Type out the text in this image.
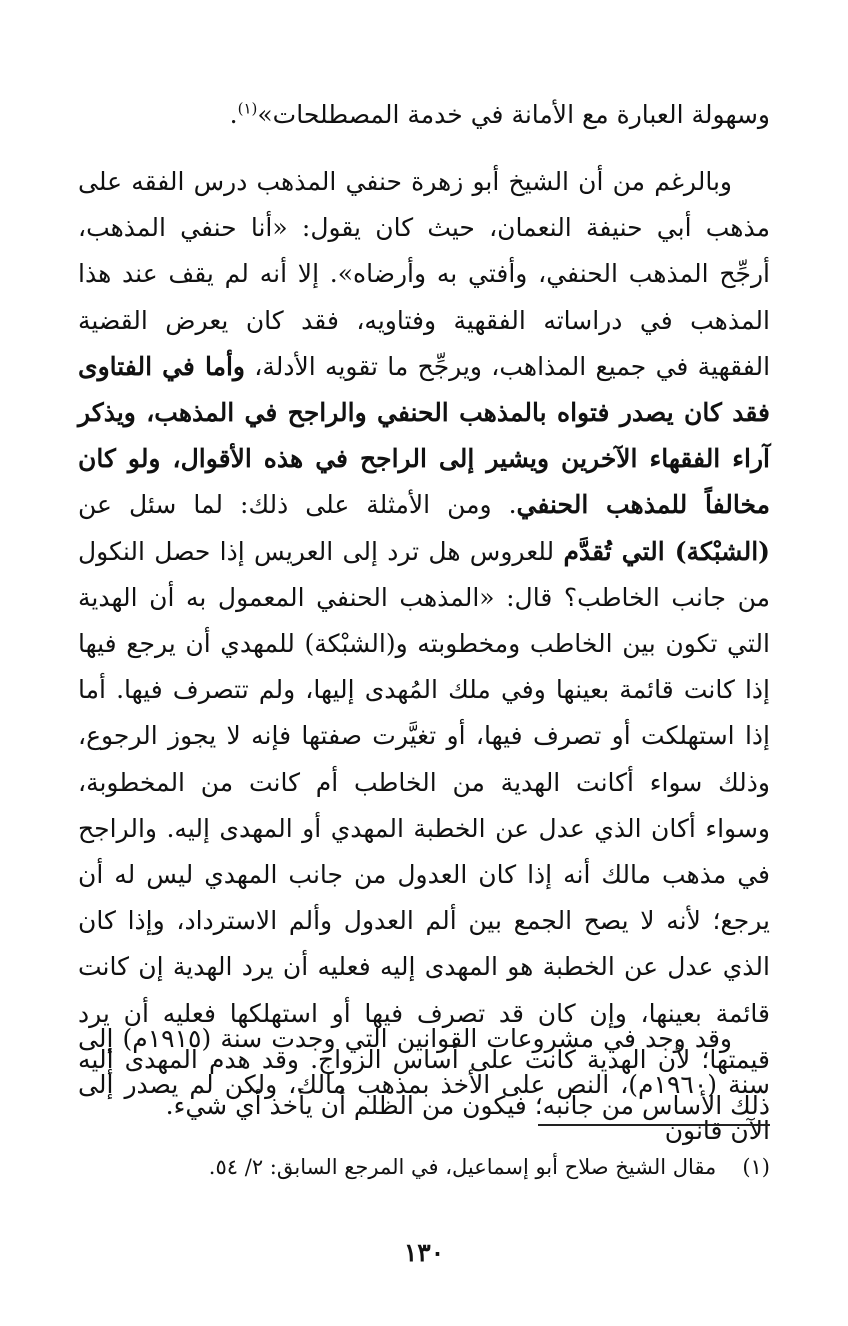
وسهولة العبارة مع الأمانة في خدمة المصطلحات»$^{(١)}$.

وبالرغم من أن الشيخ أبو زهرة حنفي المذهب درس الفقه على مذهب أبي حنيفة النعمان، حيث كان يقول: «أنا حنفي المذهب، أرجِّح المذهب الحنفي، وأفتي به وأرضاه». إلا أنه لم يقف عند هذا المذهب في دراساته الفقهية وفتاويه، فقد كان يعرض القضية الفقهية في جميع المذاهب، ويرجِّح ما تقويه الأدلة، وأما في الفتاوى فقد كان يصدر فتواه بالمذهب الحنفي والراجح في المذهب، ويذكر آراء الفقهاء الآخرين ويشير إلى الراجح في هذه الأقوال، ولو كان مخالفاً للمذهب الحنفي. ومن الأمثلة على ذلك: لما سئل عن (الشبْكة) التي تُقدَّم للعروس هل ترد إلى العريس إذا حصل النكول من جانب الخاطب؟ قال: «المذهب الحنفي المعمول به أن الهدية التي تكون بين الخاطب ومخطوبته و(الشبْكة) للمهدي أن يرجع فيها إذا كانت قائمة بعينها وفي ملك المُهدى إليها، ولم تتصرف فيها. أما إذا استهلكت أو تصرف فيها، أو تغيَّرت صفتها فإنه لا يجوز الرجوع، وذلك سواء أكانت الهدية من الخاطب أم كانت من المخطوبة، وسواء أكان الذي عدل عن الخطبة المهدي أو المهدى إليه. والراجح في مذهب مالك أنه إذا كان العدول من جانب المهدي ليس له أن يرجع؛ لأنه لا يصح الجمع بين ألم العدول وألم الاسترداد، وإذا كان الذي عدل عن الخطبة هو المهدى إليه فعليه أن يرد الهدية إن كانت قائمة بعينها، وإن كان قد تصرف فيها أو استهلكها فعليه أن يرد قيمتها؛ لأن الهدية كانت على أساس الزواج. وقد هدم المهدى إليه ذلك الأساس من جانبه؛ فيكون من الظلم أن يأخذ أي شيء.

وقد وجد في مشروعات القوانين التي وجدت سنة (١٩١٥م) إلى سنة (١٩٦٠م)، النص على الأخذ بمذهب مالك، ولكن لم يصدر إلى الآن قانون

(١)مقال الشيخ صلاح أبو إسماعيل، في المرجع السابق: ٢/ ٥٤.

١٣٠
